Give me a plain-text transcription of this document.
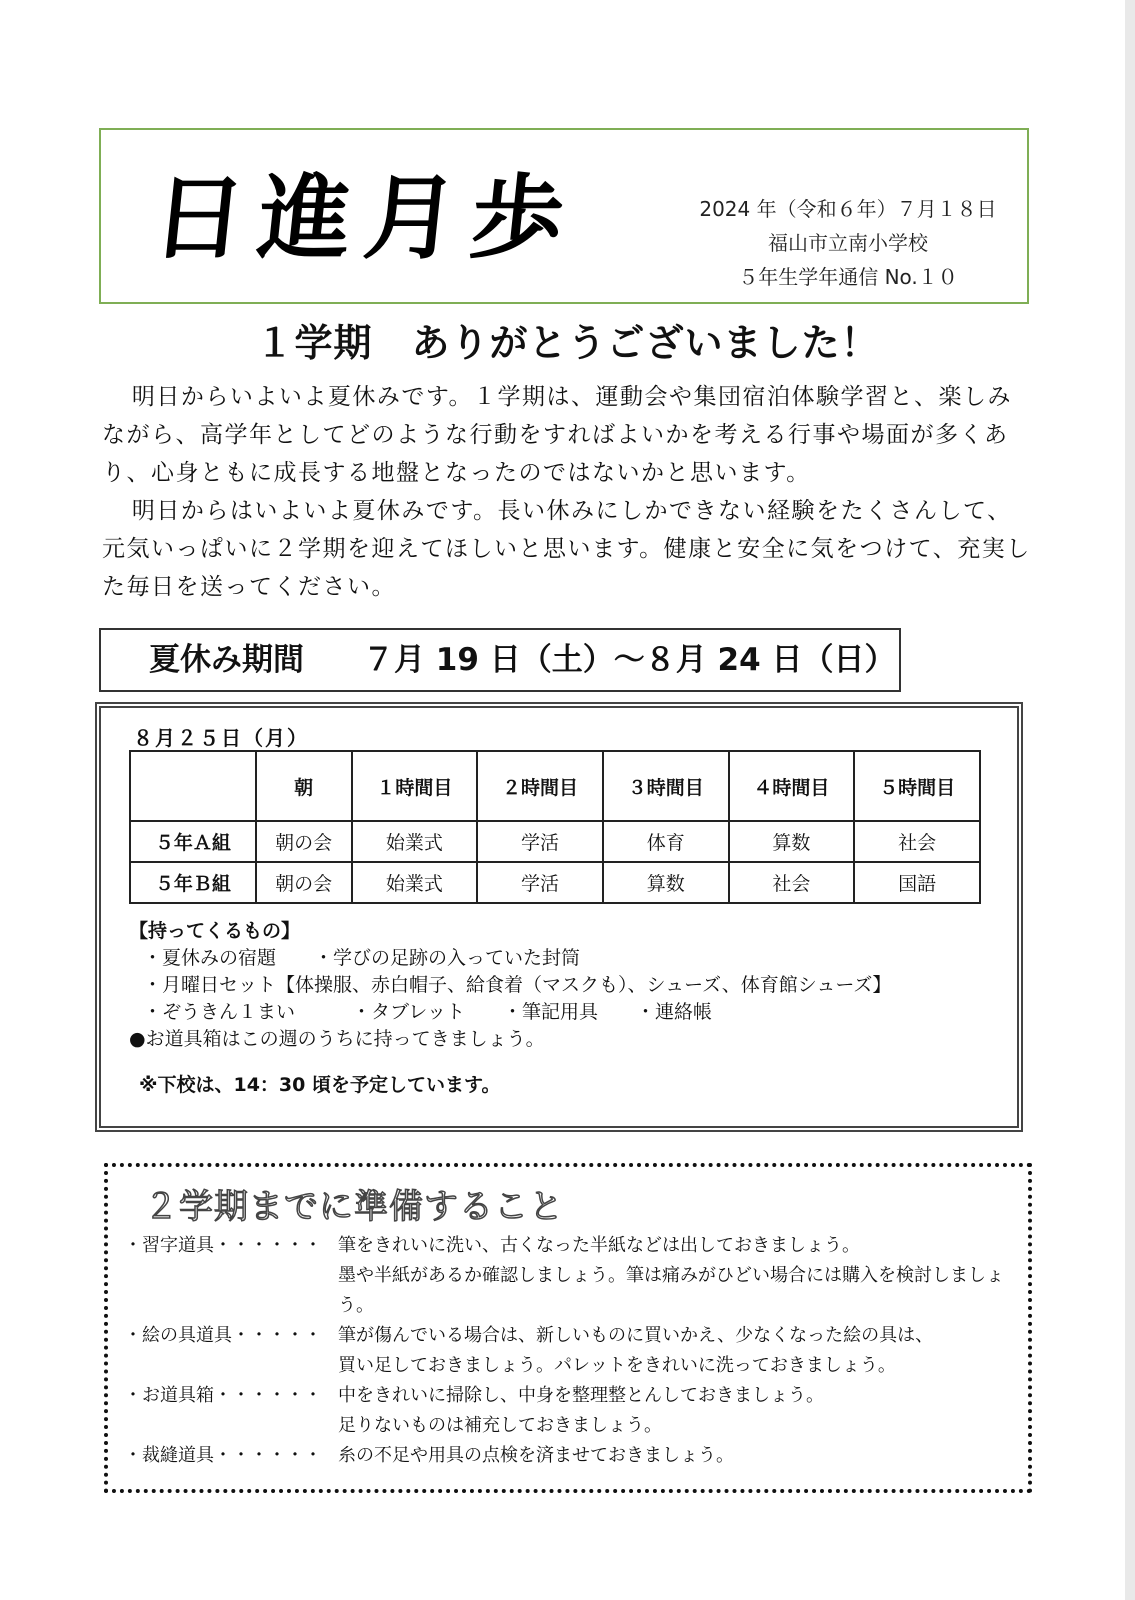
日進月歩	2024 年（令和６年）７月１８日
福山市立南小学校
５年生学年通信 No.１０
１学期　ありがとうございました！

明日からいよいよ夏休みです。１学期は、運動会や集団宿泊体験学習と、楽しみながら、高学年としてどのような行動をすればよいかを考える行事や場面が多くあり、心身ともに成長する地盤となったのではないかと思います。

明日からはいよいよ夏休みです。長い休みにしかできない経験をたくさんして、元気いっぱいに２学期を迎えてほしいと思います。健康と安全に気をつけて、充実した毎日を送ってください。

夏休み期間 ７月 19 日（土）～８月 24 日（日）
８月２５日（月）
	朝	１時間目	２時間目	３時間目	４時間目	５時間目
５年Ａ組	朝の会	始業式	学活	体育	算数	社会
５年Ｂ組	朝の会	始業式	学活	算数	社会	国語
【持ってくるもの】
・夏休みの宿題　　・学びの足跡の入っていた封筒
・月曜日セット【体操服、赤白帽子、給食着（マスクも）、シューズ、体育館シューズ】
・ぞうきん１まい　　　・タブレット　　・筆記用具　　・連絡帳
●お道具箱はこの週のうちに持ってきましょう。
※下校は、14：30 頃を予定しています。
２学期までに準備すること
・習字道具・・・・・・ 筆をきれいに洗い、古くなった半紙などは出しておきましょう。
墨や半紙があるか確認しましょう。筆は痛みがひどい場合には購入を検討しましょう。
・絵の具道具・・・・・ 筆が傷んでいる場合は、新しいものに買いかえ、少なくなった絵の具は、
買い足しておきましょう。パレットをきれいに洗っておきましょう。
・お道具箱・・・・・・ 中をきれいに掃除し、中身を整理整とんしておきましょう。
足りないものは補充しておきましょう。
・裁縫道具・・・・・・ 糸の不足や用具の点検を済ませておきましょう。
